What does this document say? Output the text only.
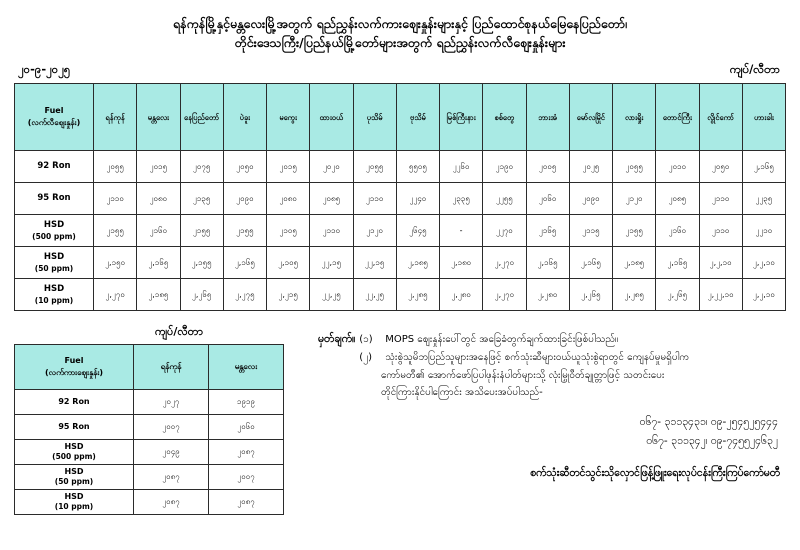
ရန်ကုန်မြို့နှင့်မန္တလေးမြို့အတွက် ရည်ညွှန်းလက်ကားဈေးနှုန်းများနှင့် ပြည်ထောင်စုနယ်မြေနေပြည်တော်၊
တိုင်းဒေသကြီး/ပြည်နယ်မြို့တော်များအတွက် ရည်ညွှန်းလက်လီဈေးနှုန်းများ
၂၀-၉-၂၀၂၅	ကျပ်/လီတာ
Fuel
(လက်လီဈေးနှုန်း)	ရန်ကုန်	မန္တလေး	နေပြည်တော်	ပဲခူး	မကွေး	ထားဝယ်	ပုသိမ်	ဗုသိမ်	မြစ်ကြီးနား	စစ်တွေ	ဘားအံ	မော်လမြိုင်	လားရှိုး	တောင်ကြီး	လွိုင်ကော်	ဟားခါး
92 Ron	၂၀၅၅	၂၀၁၅	၂၀၇၅	၂၀၅၀	၂၀၁၅	၂၀၂၀	၂၀၅၅	၅၅၀၅	၂၂၆၀	၂၁၉၀	၂၀၀၅	၂၀၂၅	၂၀၅၅	၂၀၁၀	၂၀၅၀	၂,၁၆၅
95 Ron	၂၁၁၀	၂၀၈၀	၂၁၃၅	၂၀၉၀	၂၀၈၀	၂၀၈၅	၂၁၁၀	၂၂၄၀	၂၃၃၅	၂၂၅၅	၂၀၆၀	၂၀၉၀	၂၁၂၀	၂၀၈၅	၂၁၁၀	၂၂၃၅
HSD
(500 ppm)	၂၁၅၅	၂၁၆၀	၂၁၅၅	၂၁၅၅	၂၁၀၅	၂၁၁၀	၂၁၂၀	၂၆၄၅	-	၂၂၇၀	၂၁၆၅	၂၁၁၅	၂၁၅၅	၂၁၆၀	၂၁၁၀	၂၂၁၀
HSD
(50 ppm)	၂,၁၅၀	၂,၁၆၅	၂,၁၅၅	၂,၁၆၅	၂,၁၀၅	၂၂,၁၅	၂၂,၁၅	၂,၁၈၅	၂,၁၈၀	၂,၂၇၀	၂,၁၆၅	၂,၁၆၅	၂,၁၈၅	၂,၁၆၅	၂,၂,၁၀	၂,၂,၁၀
HSD
(10 ppm)	၂,၂၇၀	၂,၁၈၅	၂,၂၆၅	၂,၂၇၅	၂,၂၁၅	၂၂,၂၅	၂၂,၂၅	၂,၂၈၅	၂,၂၈၀	၂,၂၇၀	၂,၂၈၀	၂,၂၆၅	၂,၂၈၅	၂,၂၆၅	၂,၂၂,၁၀	၂,၂,၁၀
ကျပ်/လီတာ
Fuel
(လက်ကားဈေးနှုန်း)	ရန်ကုန်	မန္တလေး
92 Ron	၂၀၂၇	၁၉၁၉
95 Ron	၂၀၀၇	၂၀၆၀
HSD
(500 ppm)	၂၀၄၉	၂၀၈၇
HSD
(50 ppm)	၂၀၈၇	၂၀၀၇
HSD
(10 ppm)	၂၀၈၇	၂၀၈၇
မှတ်ချက်။ (၁)	MOPS ဈေးနှုန်းပေါ်တွင် အခြေခံတွက်ချက်ထားခြင်းဖြစ်ပါသည်။
(၂)	သုံးစွဲသူမိဘပြည်သူများအနေဖြင့် စက်သုံးဆီများဝယ်ယူသုံးစွဲရာတွင် ကျေနပ်မှုမရှိပါက
ကော်မတီ၏ အောက်ဖော်ပြပါဖုန်းနံပါတ်များသို့ လုံးမြှုဝီတ်ချုတ္တာဖြင့် သတင်းပေး
တိုင်ကြားနိုင်ပါကြောင်း အသိပေးအပ်ပါသည်-
၀၆၇- ၃၁၁၃၄၃၁၊ ၀၉-၂၅၄၅၂၅၄၄၄
၀၆၇- ၃၁၁၃၄၂၊ ၀၉-၇၄၅၅၂၄၆၃၂
စက်သုံးဆီတင်သွင်းသိုလှောင်ဖြန့်ဖြူးရေးလုပ်ငန်းကြီးကြပ်ကော်မတီ
